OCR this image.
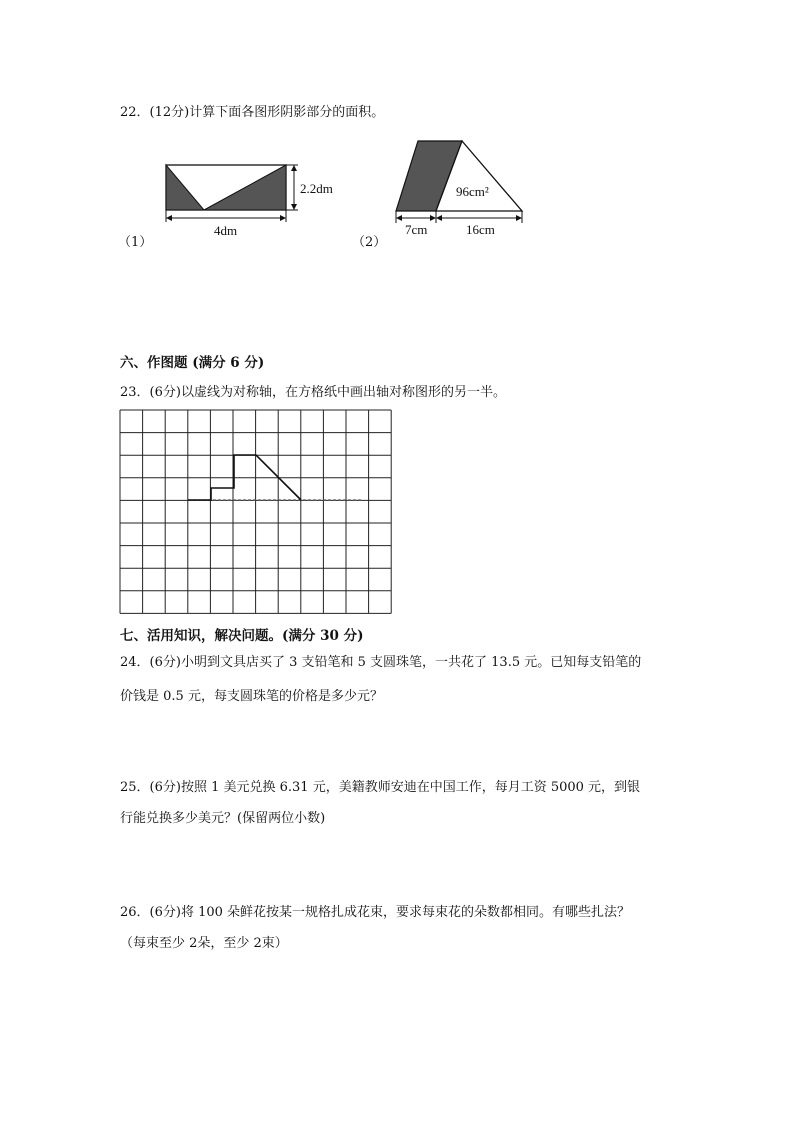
22．(12分)计算下面各图形阴影部分的面积。
2.2dm
4dm
96cm²
7cm	16cm
（1）	（2）
六、作图题 (满分 6 分)
23．(6分)以虚线为对称轴，在方格纸中画出轴对称图形的另一半。
七、活用知识，解决问题。(满分 30 分)
24．(6分)小明到文具店买了 3 支铅笔和 5 支圆珠笔，一共花了 13.5 元。已知每支铅笔的
价钱是 0.5 元，每支圆珠笔的价格是多少元？
25．(6分)按照 1 美元兑换 6.31 元，美籍教师安迪在中国工作，每月工资 5000 元，到银
行能兑换多少美元？(保留两位小数)
26．(6分)将 100 朵鲜花按某一规格扎成花束，要求每束花的朵数都相同。有哪些扎法？
（每束至少 2朵，至少 2束）
